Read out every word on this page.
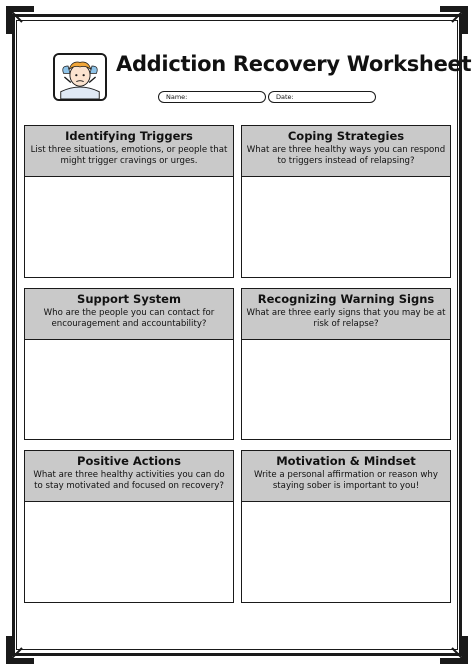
Addiction Recovery Worksheet
Name:	Date:
Identifying Triggers
List three situations, emotions, or people that might trigger cravings or urges.
Coping Strategies
What are three healthy ways you can respond to triggers instead of relapsing?
Support System
Who are the people you can contact for encouragement and accountability?
Recognizing Warning Signs
What are three early signs that you may be at risk of relapse?
Positive Actions
What are three healthy activities you can do to stay motivated and focused on recovery?
Motivation & Mindset
Write a personal affirmation or reason why staying sober is important to you!
